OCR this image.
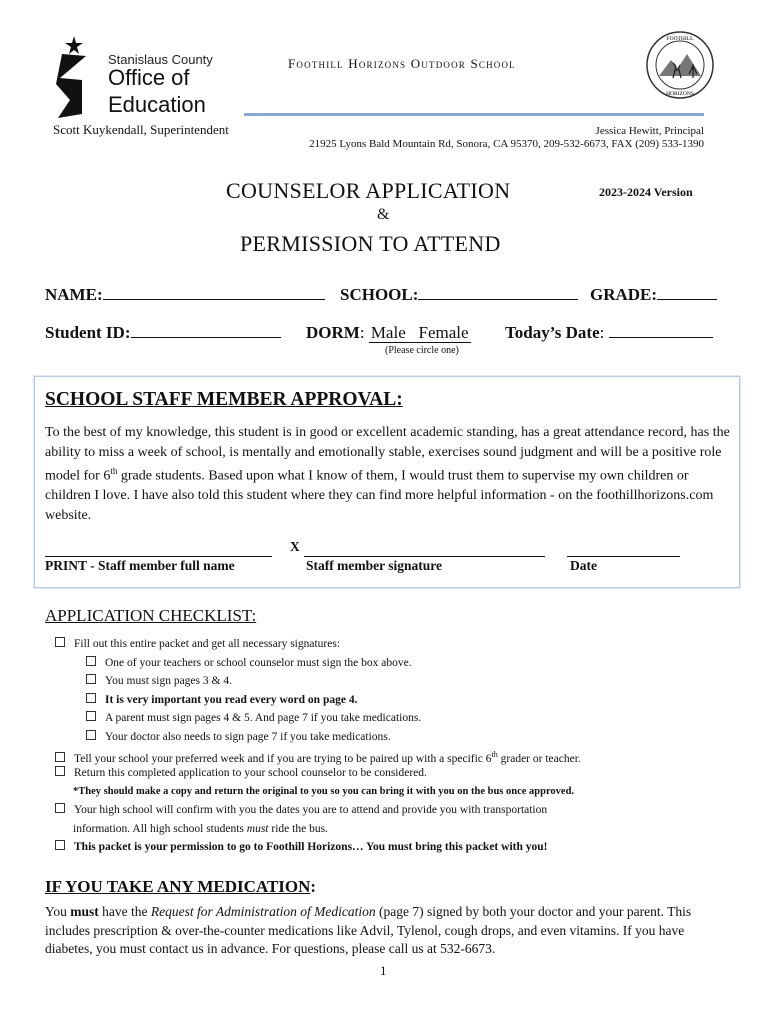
Stanislaus County
Office of
Education
Scott Kuykendall, Superintendent
Foothill Horizons Outdoor School
Jessica Hewitt, Principal
21925 Lyons Bald Mountain Rd, Sonora, CA 95370, 209-532-6673, FAX (209) 533-1390
FOOTHILL
HORIZONS
COUNSELOR APPLICATION	2023-2024 Version
&
PERMISSION TO ATTEND
NAME:	SCHOOL:	GRADE:
Student ID:	DORM: Male Female Today’s Date:
(Please circle one)
SCHOOL STAFF MEMBER APPROVAL:
To the best of my knowledge, this student is in good or excellent academic standing, has a great attendance record, has the ability to miss a week of school, is mentally and emotionally stable, exercises sound judgment and will be a positive role model for 6th grade students. Based upon what I know of them, I would trust them to supervise my own children or children I love. I have also told this student where they can find more helpful information - on the foothillhorizons.com website.
X
PRINT - Staff member full name	Staff member signature	Date
APPLICATION CHECKLIST:
Fill out this entire packet and get all necessary signatures:
One of your teachers or school counselor must sign the box above.
You must sign pages 3 & 4.
It is very important you read every word on page 4.
A parent must sign pages 4 & 5. And page 7 if you take medications.
Your doctor also needs to sign page 7 if you take medications.
Tell your school your preferred week and if you are trying to be paired up with a specific 6th grader or teacher.
Return this completed application to your school counselor to be considered.
*They should make a copy and return the original to you so you can bring it with you on the bus once approved.
Your high school will confirm with you the dates you are to attend and provide you with transportation
information. All high school students must ride the bus.
This packet is your permission to go to Foothill Horizons… You must bring this packet with you!
IF YOU TAKE ANY MEDICATION:
You must have the Request for Administration of Medication (page 7) signed by both your doctor and your parent. This includes prescription & over-the-counter medications like Advil, Tylenol, cough drops, and even vitamins. If you have diabetes, you must contact us in advance. For questions, please call us at 532-6673.
1
